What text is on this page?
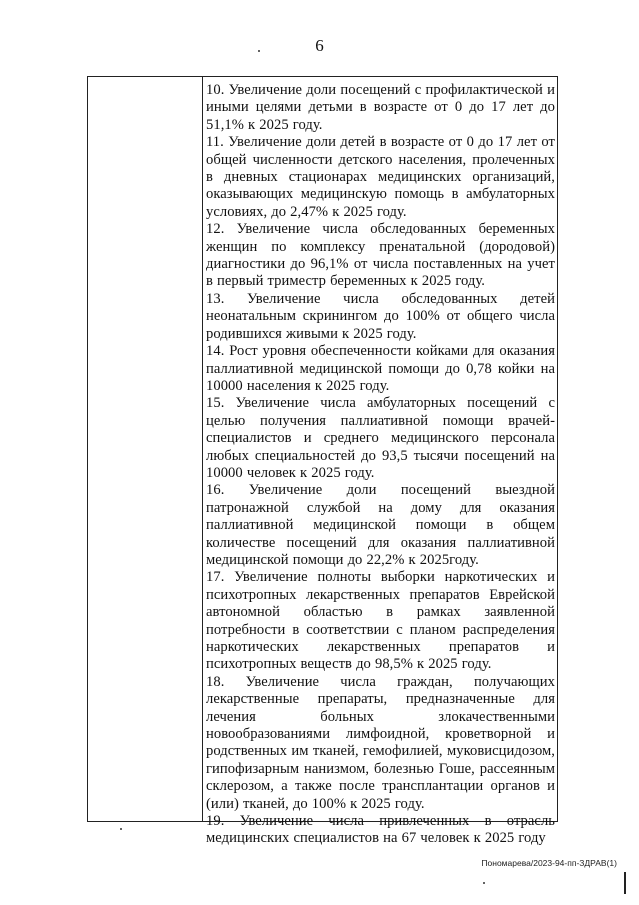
6

10. Увеличение доли посещений с профилактической и иными целями детьми в возрасте от 0 до 17 лет до 51,1% к 2025 году.

11. Увеличение доли детей в возрасте от 0 до 17 лет от общей численности детского населения, пролеченных в дневных стационарах медицинских организаций, оказывающих медицинскую помощь в амбулаторных условиях, до 2,47% к 2025 году.

12. Увеличение числа обследованных беременных женщин по комплексу пренатальной (дородовой) диагностики до 96,1% от числа поставленных на учет в первый триместр беременных к 2025 году.

13. Увеличение числа обследованных детей неонатальным скринингом до 100% от общего числа родившихся живыми к 2025 году.

14. Рост уровня обеспеченности койками для оказания паллиативной медицинской помощи до 0,78 койки на 10000 населения к 2025 году.

15. Увеличение числа амбулаторных посещений с целью получения паллиативной помощи врачей-специалистов и среднего медицинского персонала любых специальностей до 93,5 тысячи посещений на 10000 человек к 2025 году.

16. Увеличение доли посещений выездной патронажной службой на дому для оказания паллиативной медицинской помощи в общем количестве посещений для оказания паллиативной медицинской помощи до 22,2% к 2025году.

17. Увеличение полноты выборки наркотических и психотропных лекарственных препаратов Еврейской автономной областью в рамках заявленной потребности в соответствии с планом распределения наркотических лекарственных препаратов и психотропных веществ до 98,5% к 2025 году.

18. Увеличение числа граждан, получающих лекарственные препараты, предназначенные для лечения больных злокачественными новообразованиями лимфоидной, кроветворной и родственных им тканей, гемофилией, муковисцидозом, гипофизарным нанизмом, болезнью Гоше, рассеянным склерозом, а также после трансплантации органов и (или) тканей, до 100% к 2025 году.

19. Увеличение числа привлеченных в отрасль медицинских специалистов на 67 человек к 2025 году

Пономарева/2023-94-пп-ЗДРАВ(1)
